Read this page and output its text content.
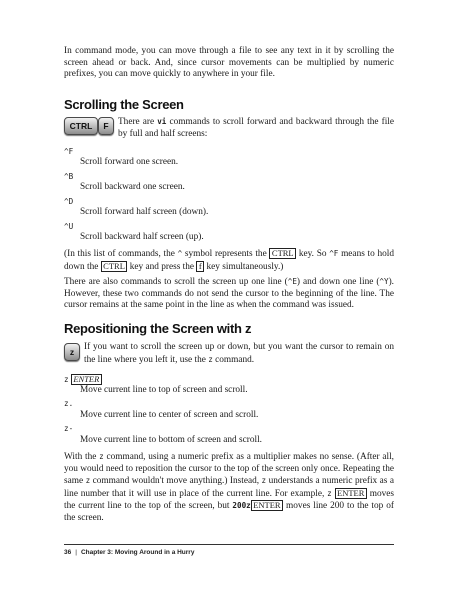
In command mode, you can move through a file to see any text in it by scrolling the screen ahead or back. And, since cursor movements can be multiplied by numeric prefixes, you can move quickly to anywhere in your file.

Scrolling the Screen
CTRL	F	There are vi commands to scroll forward and backward through the file by full and half screens:

^F
Scroll forward one screen.
^B
Scroll backward one screen.
^D
Scroll forward half screen (down).
^U
Scroll backward half screen (up).

(In this list of commands, the ^ symbol represents the CTRL key. So ^F means to hold down the CTRL key and press the f key simultaneously.)

There are also commands to scroll the screen up one line (^E) and down one line (^Y). However, these two commands do not send the cursor to the beginning of the line. The cursor remains at the same point in the line as when the command was issued.

Repositioning the Screen with z
z	If you want to scroll the screen up or down, but you want the cursor to remain on the line where you left it, use the z command.

z ENTER
Move current line to top of screen and scroll.
z.
Move current line to center of screen and scroll.
z-
Move current line to bottom of screen and scroll.

With the z command, using a numeric prefix as a multiplier makes no sense. (After all, you would need to reposition the cursor to the top of the screen only once. Repeating the same z command wouldn't move anything.) Instead, z understands a numeric prefix as a line number that it will use in place of the current line. For example, z ENTER moves the current line to the top of the screen, but 200z ENTER moves line 200 to the top of the screen.

36 | Chapter 3: Moving Around in a Hurry
